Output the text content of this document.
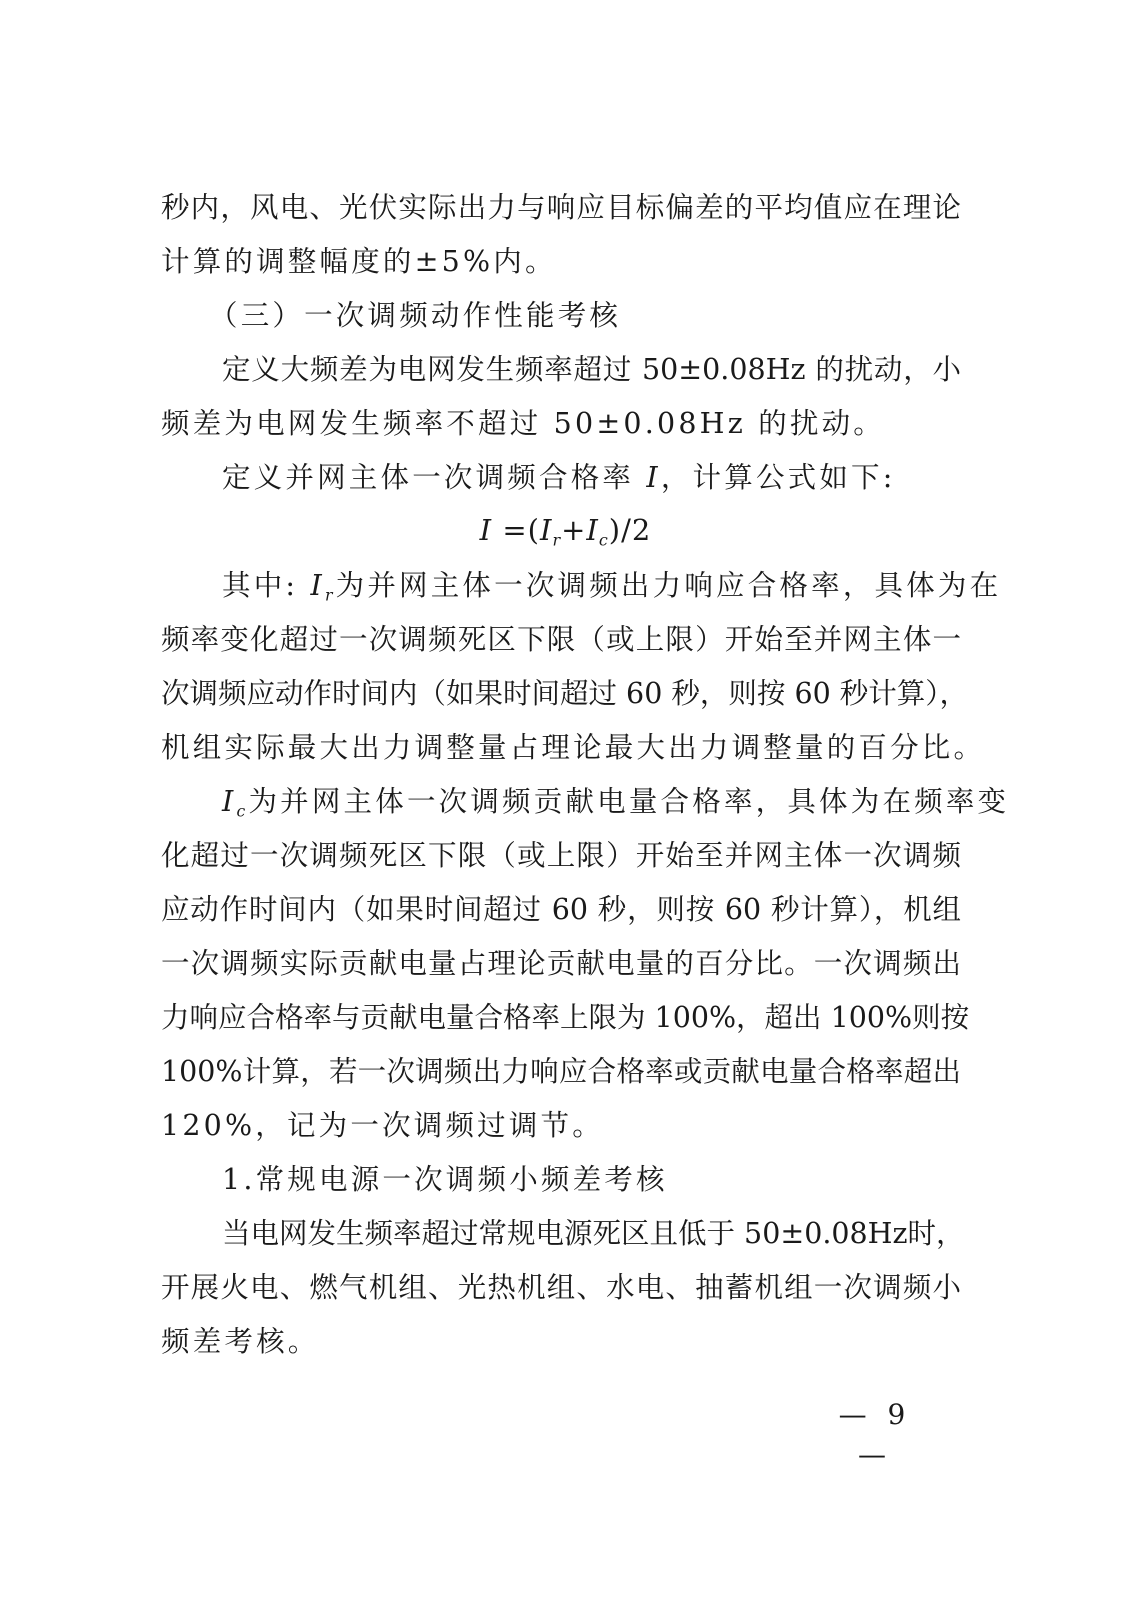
秒内，风电、光伏实际出力与响应目标偏差的平均值应在理论
计算的调整幅度的±5%内。
（三）一次调频动作性能考核
定义大频差为电网发生频率超过 50±0.08Hz 的扰动，小
频差为电网发生频率不超过 50±0.08Hz 的扰动。
定义并网主体一次调频合格率 I，计算公式如下:
$I =(I_r+I_c)/2$
其中: $I_r$为并网主体一次调频出力响应合格率，具体为在
频率变化超过一次调频死区下限（或上限）开始至并网主体一
次调频应动作时间内（如果时间超过 60 秒，则按 60 秒计算），
机组实际最大出力调整量占理论最大出力调整量的百分比。
$I_c$为并网主体一次调频贡献电量合格率，具体为在频率变
化超过一次调频死区下限（或上限）开始至并网主体一次调频
应动作时间内（如果时间超过 60 秒，则按 60 秒计算），机组
一次调频实际贡献电量占理论贡献电量的百分比。一次调频出
力响应合格率与贡献电量合格率上限为 100%，超出 100%则按
100%计算，若一次调频出力响应合格率或贡献电量合格率超出
120%，记为一次调频过调节。
1.常规电源一次调频小频差考核
当电网发生频率超过常规电源死区且低于 50±0.08Hz时，
开展火电、燃气机组、光热机组、水电、抽蓄机组一次调频小
频差考核。
— 9 —
